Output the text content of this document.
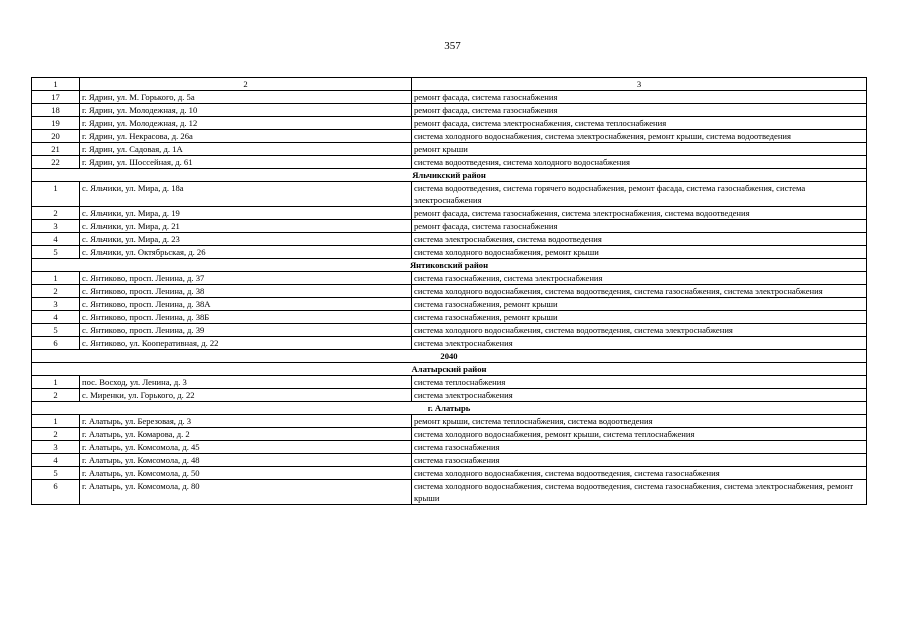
357
1	2	3
17	г. Ядрин, ул. М. Горького, д. 5а	ремонт фасада, система газоснабжения
18	г. Ядрин, ул. Молодежная, д. 10	ремонт фасада, система газоснабжения
19	г. Ядрин, ул. Молодежная, д. 12	ремонт фасада, система электроснабжения, система теплоснабжения
20	г. Ядрин, ул. Некрасова, д. 26а	система холодного водоснабжения, система электроснабжения, ремонт крыши, система водоотведения
21	г. Ядрин, ул. Садовая, д. 1А	ремонт крыши
22	г. Ядрин, ул. Шоссейная, д. 61	система водоотведения, система холодного водоснабжения
Яльчикский район		
1	с. Яльчики, ул. Мира, д. 18а	система водоотведения, система горячего водоснабжения, ремонт фасада, система газоснабжения, система электроснабжения
2	с. Яльчики, ул. Мира, д. 19	ремонт фасада, система газоснабжения, система электроснабжения, система водоотведения
3	с. Яльчики, ул. Мира, д. 21	ремонт фасада, система газоснабжения
4	с. Яльчики, ул. Мира, д. 23	система электроснабжения, система водоотведения
5	с. Яльчики, ул. Октябрьская, д. 26	система холодного водоснабжения, ремонт крыши
Янтиковский район		
1	с. Янтиково, просп. Ленина, д. 37	система газоснабжения, система электроснабжения
2	с. Янтиково, просп. Ленина, д. 38	система холодного водоснабжения, система водоотведения, система газоснабжения, система электроснабжения
3	с. Янтиково, просп. Ленина, д. 38А	система газоснабжения, ремонт крыши
4	с. Янтиково, просп. Ленина, д. 38Б	система газоснабжения, ремонт крыши
5	с. Янтиково, просп. Ленина, д. 39	система холодного водоснабжения, система водоотведения, система электроснабжения
6	с. Янтиково, ул. Кооперативная, д. 22	система электроснабжения
2040		
Алатырский район		
1	пос. Восход, ул. Ленина, д. 3	система теплоснабжения
2	с. Миренки, ул. Горького, д. 22	система электроснабжения
г. Алатырь		
1	г. Алатырь, ул. Березовая, д. 3	ремонт крыши, система теплоснабжения, система водоотведения
2	г. Алатырь, ул. Комарова, д. 2	система холодного водоснабжения, ремонт крыши, система теплоснабжения
3	г. Алатырь, ул. Комсомола, д. 45	система газоснабжения
4	г. Алатырь, ул. Комсомола, д. 48	система газоснабжения
5	г. Алатырь, ул. Комсомола, д. 50	система холодного водоснабжения, система водоотведения, система газоснабжения
6	г. Алатырь, ул. Комсомола, д. 80	система холодного водоснабжения, система водоотведения, система газоснабжения, система электроснабжения, ремонт крыши
